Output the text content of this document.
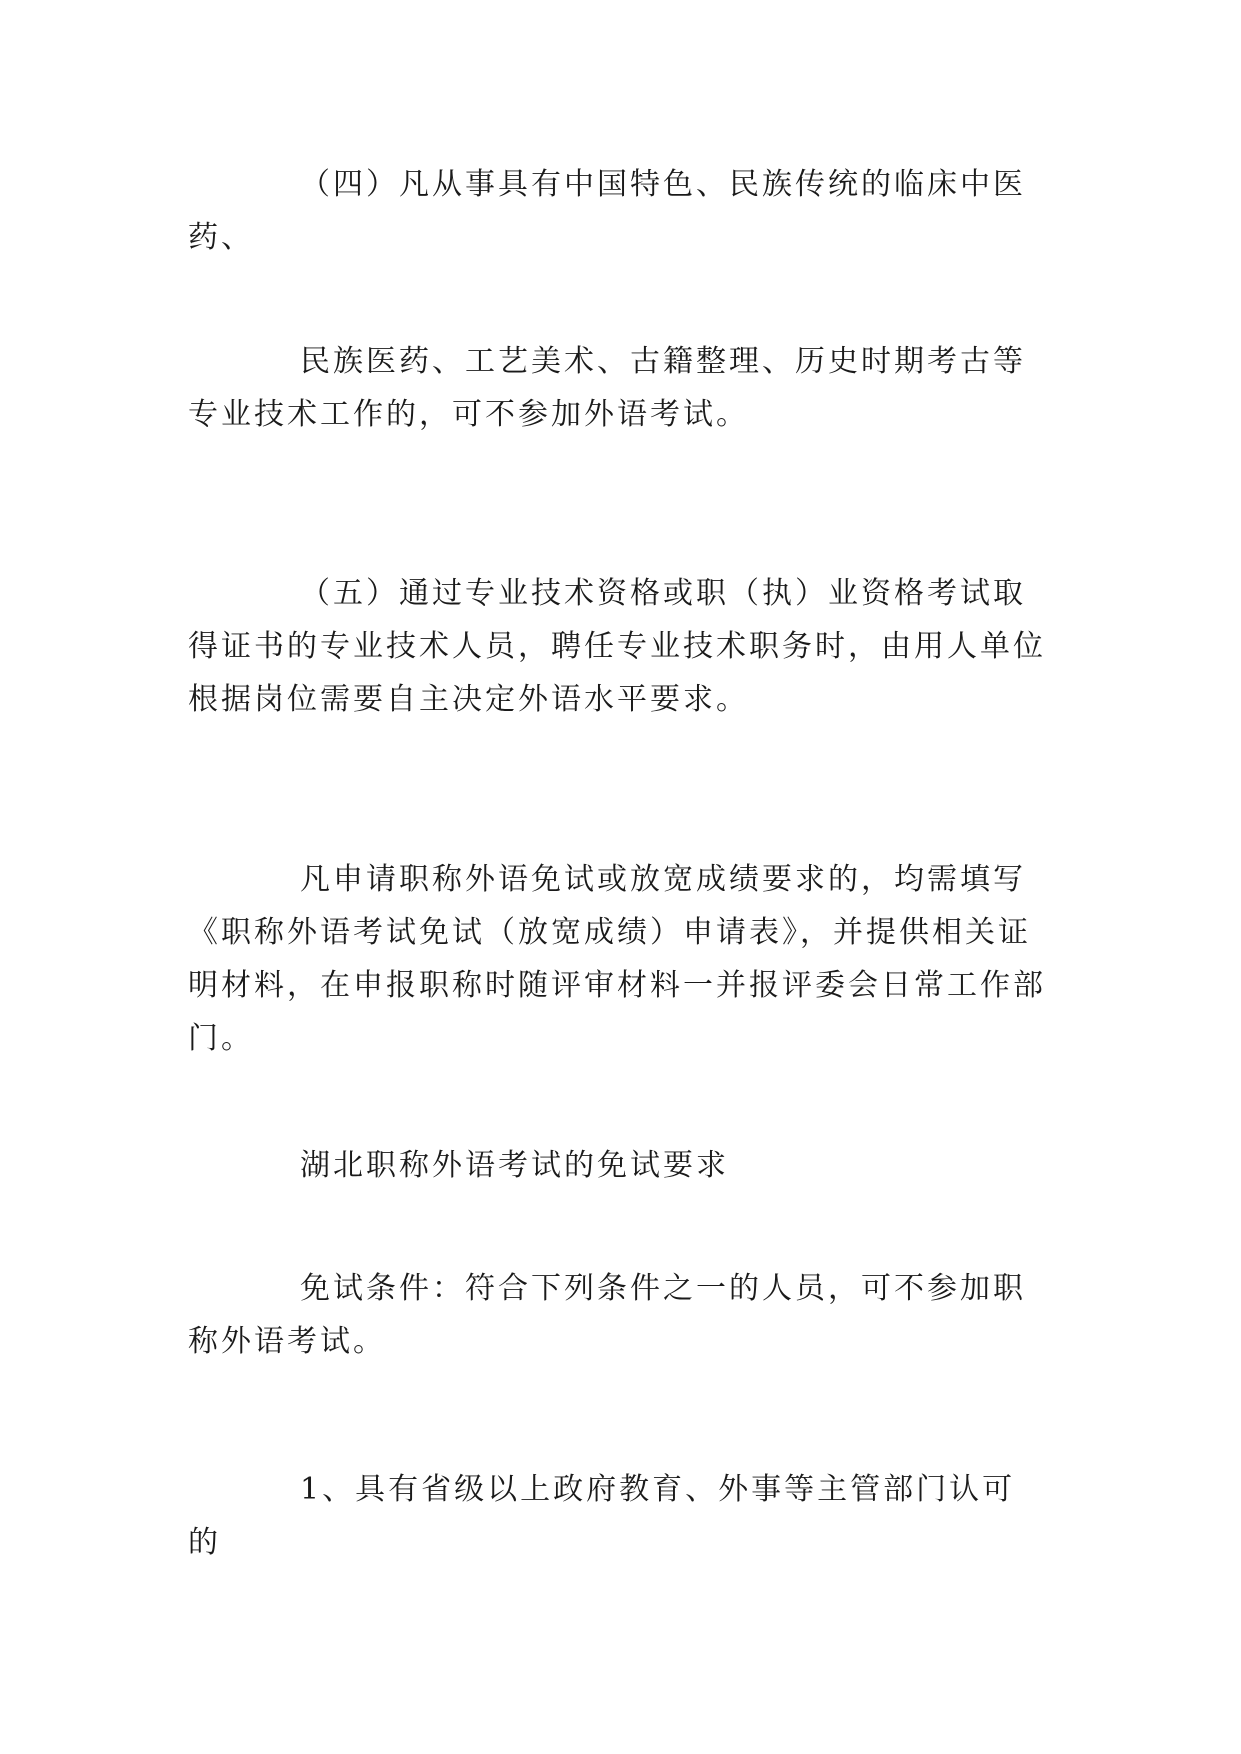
（四）凡从事具有中国特色、民族传统的临床中医药、

民族医药、工艺美术、古籍整理、历史时期考古等专业技术工作的，可不参加外语考试。

（五）通过专业技术资格或职（执）业资格考试取得证书的专业技术人员，聘任专业技术职务时，由用人单位根据岗位需要自主决定外语水平要求。

凡申请职称外语免试或放宽成绩要求的，均需填写《职称外语考试免试（放宽成绩）申请表》，并提供相关证明材料，在申报职称时随评审材料一并报评委会日常工作部门。

湖北职称外语考试的免试要求

免试条件：符合下列条件之一的人员，可不参加职称外语考试。

1、具有省级以上政府教育、外事等主管部门认可的
